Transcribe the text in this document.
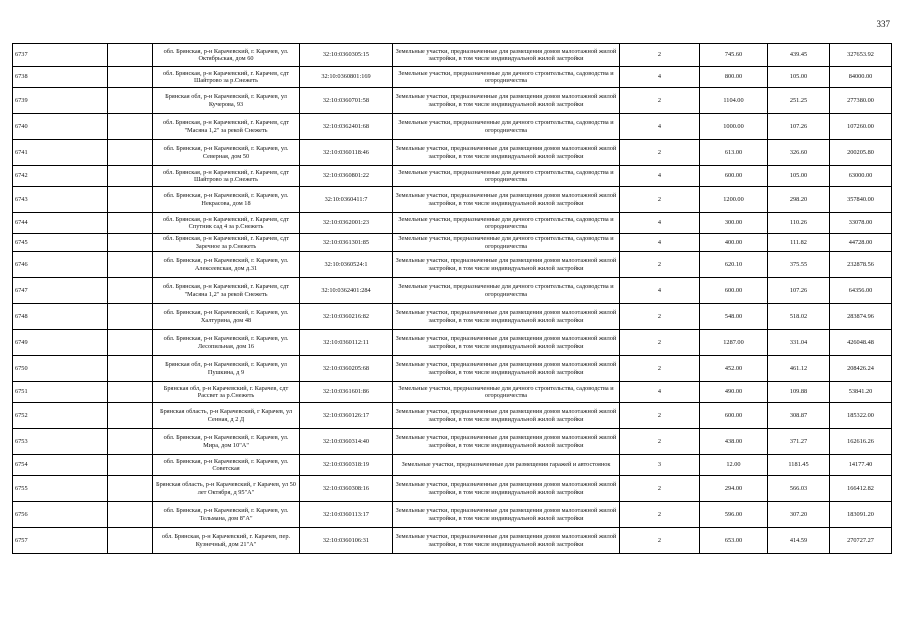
337
6737		обл. Брянская, р-н Карачевский, г. Карачев, ул. Октябрьская, дом 60	32:10:0360305:15	Земельные участки, предназначенные для размещения домов малоэтажной жилой застройки, в том числе индивидуальной жилой застройки	2	745.60	439.45	327653.92
6738		обл. Брянская, р-н Карачевский, г. Карачев, сдт Шайтрово за р.Снежеть	32:10:0360801:169	Земельные участки, предназначенные для дачного строительства, садоводства и огородничества	4	800.00	105.00	84000.00
6739		Брянская обл, р-н Карачевский, г. Карачев, ул Кучерова, 93	32:10:0360701:58	Земельные участки, предназначенные для размещения домов малоэтажной жилой застройки, в том числе индивидуальной жилой застройки	2	1104.00	251.25	277380.00
6740		обл. Брянская, р-н Карачевский, г. Карачев, сдт "Масяна 1,2" за рекой Снежеть	32:10:0362401:68	Земельные участки, предназначенные для дачного строительства, садоводства и огородничества	4	1000.00	107.26	107260.00
6741		обл. Брянская, р-н Карачевский, г. Карачев, ул. Северная, дом 50	32:10:0360118:46	Земельные участки, предназначенные для размещения домов малоэтажной жилой застройки, в том числе индивидуальной жилой застройки	2	613.00	326.60	200205.80
6742		обл. Брянская, р-н Карачевский, г. Карачев, сдт Шайтрово за р.Снежеть	32:10:0360801:22	Земельные участки, предназначенные для дачного строительства, садоводства и огородничества	4	600.00	105.00	63000.00
6743		обл. Брянская, р-н Карачевский, г. Карачев, ул. Некрасова, дом 18	32:10:0360411:7	Земельные участки, предназначенные для размещения домов малоэтажной жилой застройки, в том числе индивидуальной жилой застройки	2	1200.00	298.20	357840.00
6744		обл. Брянская, р-н Карачевский, г. Карачев, сдт Спутник сад 4 за р.Снежеть	32:10:0362001:23	Земельные участки, предназначенные для дачного строительства, садоводства и огородничества	4	300.00	110.26	33078.00
6745		обл. Брянская, р-н Карачевский, г. Карачев, сдт Заречное за р.Снежеть	32:10:0361301:85	Земельные участки, предназначенные для дачного строительства, садоводства и огородничества	4	400.00	111.82	44728.00
6746		обл. Брянская, р-н Карачевский, г. Карачев, ул. Алексеевская, дом д.31	32:10:0360524:1	Земельные участки, предназначенные для размещения домов малоэтажной жилой застройки, в том числе индивидуальной жилой застройки	2	620.10	375.55	232878.56
6747		обл. Брянская, р-н Карачевский, г. Карачев, сдт "Масяна 1,2" за рекой Снежеть	32:10:0362401:284	Земельные участки, предназначенные для дачного строительства, садоводства и огородничества	4	600.00	107.26	64356.00
6748		обл. Брянская, р-н Карачевский, г. Карачев, ул. Халтурина, дом 48	32:10:0360216:82	Земельные участки, предназначенные для размещения домов малоэтажной жилой застройки, в том числе индивидуальной жилой застройки	2	548.00	518.02	283874.96
6749		обл. Брянская, р-н Карачевский, г. Карачев, ул. Лесопильная, дом 16	32:10:0360112:11	Земельные участки, предназначенные для размещения домов малоэтажной жилой застройки, в том числе индивидуальной жилой застройки	2	1287.00	331.04	426048.48
6750		Брянская обл, р-н Карачевский, г. Карачев, ул Пушкина, д 9	32:10:0360205:68	Земельные участки, предназначенные для размещения домов малоэтажной жилой застройки, в том числе индивидуальной жилой застройки	2	452.00	461.12	208426.24
6751		Брянская обл, р-н Карачевский, г. Карачев, сдт Рассвет за р.Снежеть	32:10:0361601:86	Земельные участки, предназначенные для дачного строительства, садоводства и огородничества	4	490.00	109.88	53841.20
6752		Брянская область, р-н Карачевский, г Карачев, ул Сенная, д 2 Д	32:10:0360126:17	Земельные участки, предназначенные для размещения домов малоэтажной жилой застройки, в том числе индивидуальной жилой застройки	2	600.00	308.87	185322.00
6753		обл. Брянская, р-н Карачевский, г. Карачев, ул. Мира, дом 10"А"	32:10:0360314:40	Земельные участки, предназначенные для размещения домов малоэтажной жилой застройки, в том числе индивидуальной жилой застройки	2	438.00	371.27	162616.26
6754		обл. Брянская, р-н Карачевский, г. Карачев, ул. Советская	32:10:0360318:19	Земельные участки, предназначенные для размещения гаражей и автостоянок	3	12.00	1181.45	14177.40
6755		Брянская область, р-н Карачевский, г Карачев, ул 50 лет Октября, д 95"А"	32:10:0360308:16	Земельные участки, предназначенные для размещения домов малоэтажной жилой застройки, в том числе индивидуальной жилой застройки	2	294.00	566.03	166412.82
6756		обл. Брянская, р-н Карачевский, г. Карачев, ул. Тельмана, дом 8"А"	32:10:0360113:17	Земельные участки, предназначенные для размещения домов малоэтажной жилой застройки, в том числе индивидуальной жилой застройки	2	596.00	307.20	183091.20
6757		обл. Брянская, р-н Карачевский, г. Карачев, пер. Кузнечный, дом 21"А"	32:10:0360106:31	Земельные участки, предназначенные для размещения домов малоэтажной жилой застройки, в том числе индивидуальной жилой застройки	2	653.00	414.59	270727.27
